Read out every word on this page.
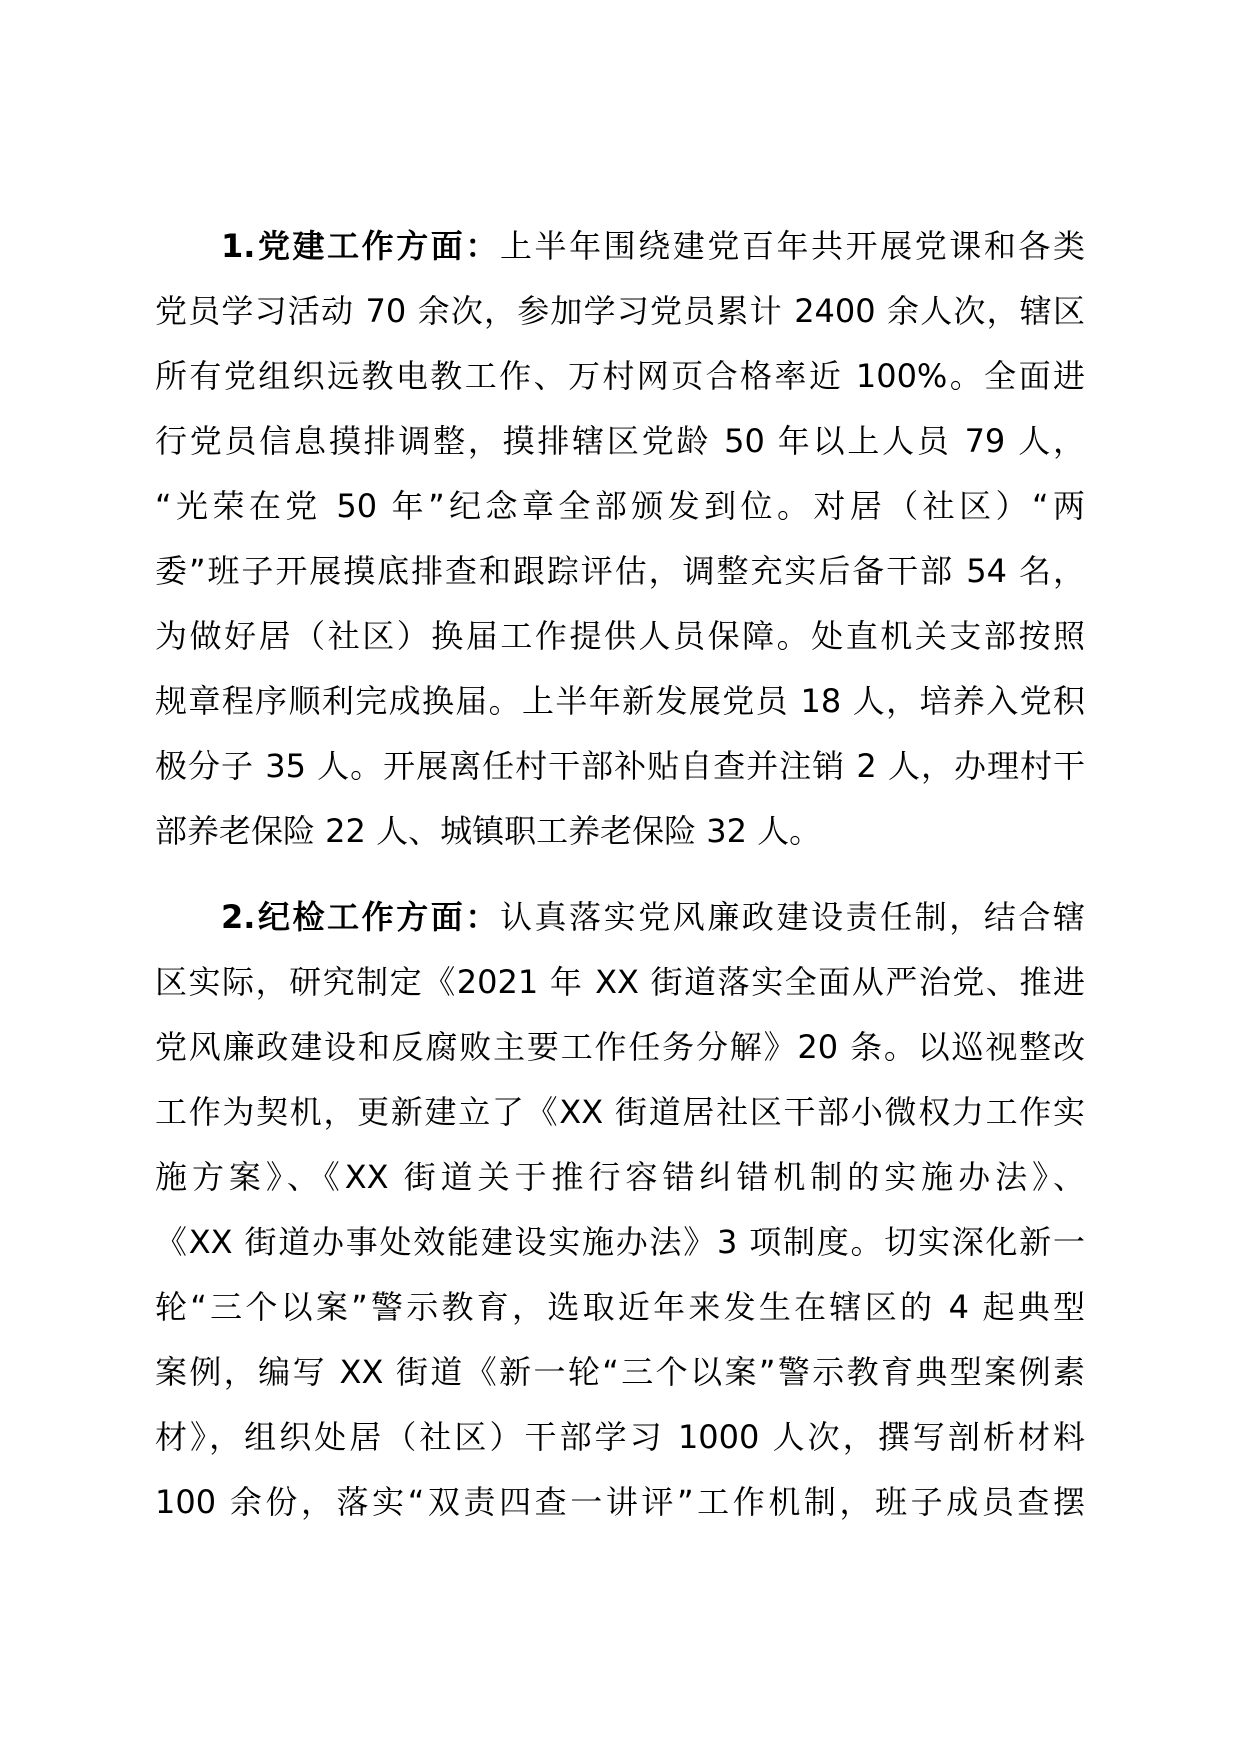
1.党建工作方面：上半年围绕建党百年共开展党课和各类
党员学习活动 70 余次，参加学习党员累计 2400 余人次，辖区
所有党组织远教电教工作、万村网页合格率近 100%。全面进
行党员信息摸排调整，摸排辖区党龄 50 年以上人员 79 人，
“光荣在党 50 年”纪念章全部颁发到位。对居（社区）“两
委”班子开展摸底排查和跟踪评估，调整充实后备干部 54 名，
为做好居（社区）换届工作提供人员保障。处直机关支部按照
规章程序顺利完成换届。上半年新发展党员 18 人，培养入党积
极分子 35 人。开展离任村干部补贴自查并注销 2 人，办理村干
部养老保险 22 人、城镇职工养老保险 32 人。
2.纪检工作方面：认真落实党风廉政建设责任制，结合辖
区实际，研究制定《2021 年 XX 街道落实全面从严治党、推进
党风廉政建设和反腐败主要工作任务分解》20 条。以巡视整改
工作为契机，更新建立了《XX 街道居社区干部小微权力工作实
施方案》、《XX 街道关于推行容错纠错机制的实施办法》、
《XX 街道办事处效能建设实施办法》3 项制度。切实深化新一
轮“三个以案”警示教育，选取近年来发生在辖区的 4 起典型
案例，编写 XX 街道《新一轮“三个以案”警示教育典型案例素
材》，组织处居（社区）干部学习 1000 人次，撰写剖析材料
100 余份，落实“双责四查一讲评”工作机制，班子成员查摆
